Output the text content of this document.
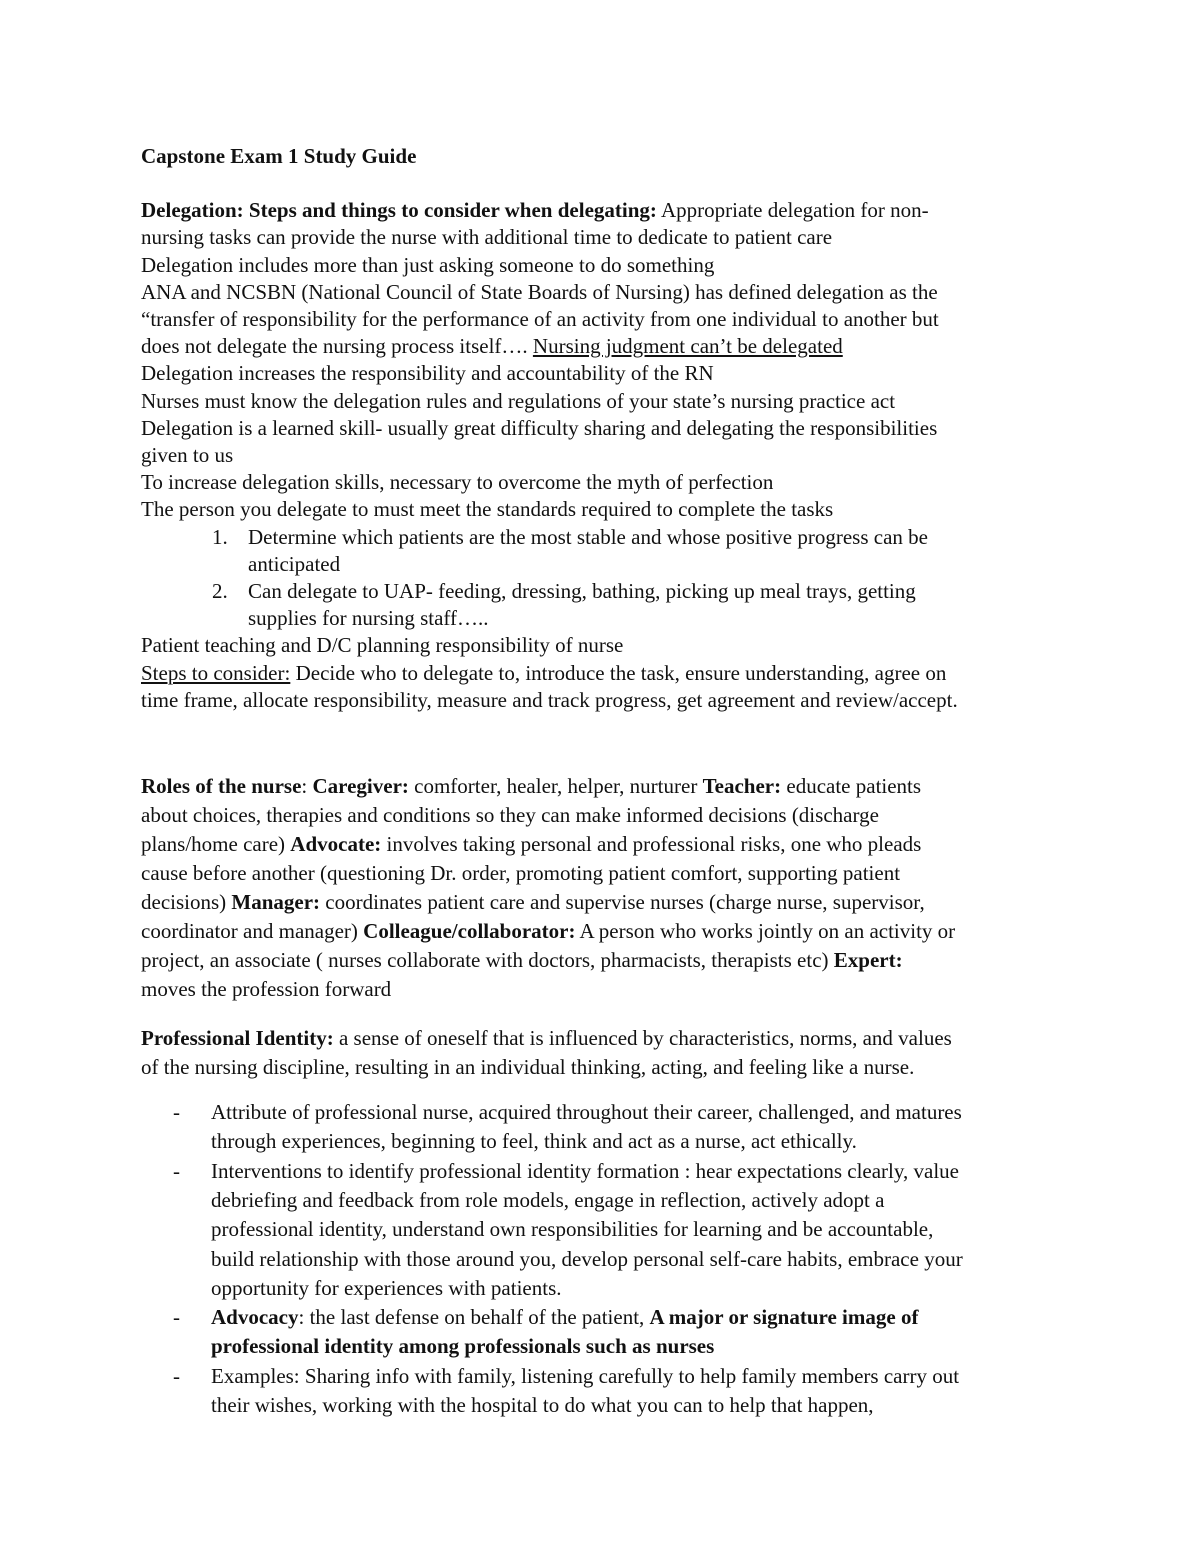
Capstone Exam 1 Study Guide
Delegation: Steps and things to consider when delegating: Appropriate delegation for non-
nursing tasks can provide the nurse with additional time to dedicate to patient care
Delegation includes more than just asking someone to do something
ANA and NCSBN (National Council of State Boards of Nursing) has defined delegation as the
“transfer of responsibility for the performance of an activity from one individual to another but
does not delegate the nursing process itself…. Nursing judgment can’t be delegated
Delegation increases the responsibility and accountability of the RN
Nurses must know the delegation rules and regulations of your state’s nursing practice act
Delegation is a learned skill- usually great difficulty sharing and delegating the responsibilities
given to us
To increase delegation skills, necessary to overcome the myth of perfection
The person you delegate to must meet the standards required to complete the tasks
1. Determine which patients are the most stable and whose positive progress can be
anticipated
2. Can delegate to UAP- feeding, dressing, bathing, picking up meal trays, getting
supplies for nursing staff…..
Patient teaching and D/C planning responsibility of nurse
Steps to consider: Decide who to delegate to, introduce the task, ensure understanding, agree on
time frame, allocate responsibility, measure and track progress, get agreement and review/accept.
Roles of the nurse: Caregiver: comforter, healer, helper, nurturer Teacher: educate patients
about choices, therapies and conditions so they can make informed decisions (discharge
plans/home care) Advocate: involves taking personal and professional risks, one who pleads
cause before another (questioning Dr. order, promoting patient comfort, supporting patient
decisions) Manager: coordinates patient care and supervise nurses (charge nurse, supervisor,
coordinator and manager) Colleague/collaborator: A person who works jointly on an activity or
project, an associate ( nurses collaborate with doctors, pharmacists, therapists etc) Expert:
moves the profession forward
Professional Identity: a sense of oneself that is influenced by characteristics, norms, and values
of the nursing discipline, resulting in an individual thinking, acting, and feeling like a nurse.
- Attribute of professional nurse, acquired throughout their career, challenged, and matures
through experiences, beginning to feel, think and act as a nurse, act ethically.
- Interventions to identify professional identity formation : hear expectations clearly, value
debriefing and feedback from role models, engage in reflection, actively adopt a
professional identity, understand own responsibilities for learning and be accountable,
build relationship with those around you, develop personal self-care habits, embrace your
opportunity for experiences with patients.
- Advocacy: the last defense on behalf of the patient, A major or signature image of
professional identity among professionals such as nurses
- Examples: Sharing info with family, listening carefully to help family members carry out
their wishes, working with the hospital to do what you can to help that happen,
